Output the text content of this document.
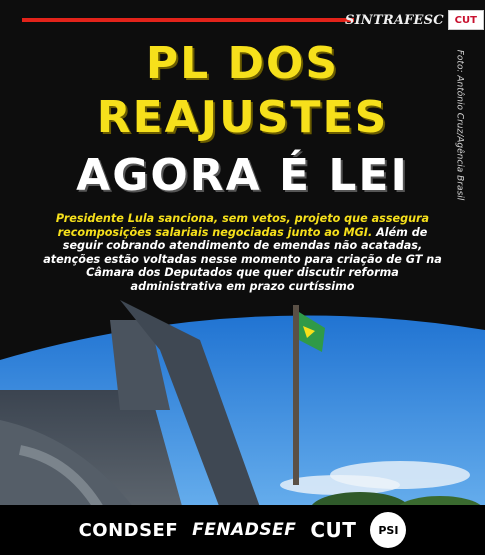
SINTRAFESC	CUT
PL DOS
REAJUSTES
AGORA É LEI	Foto: Antônio Cruz/Agência Brasil
Presidente Lula sanciona, sem vetos, projeto que assegura recomposições salariais negociadas junto ao MGI. Além de seguir cobrando atendimento de emendas não acatadas, atenções estão voltadas nesse momento para criação de GT na Câmara dos Deputados que quer discutir reforma administrativa em prazo curtíssimo
CONDSEF FENADSEF CUT	PSI
